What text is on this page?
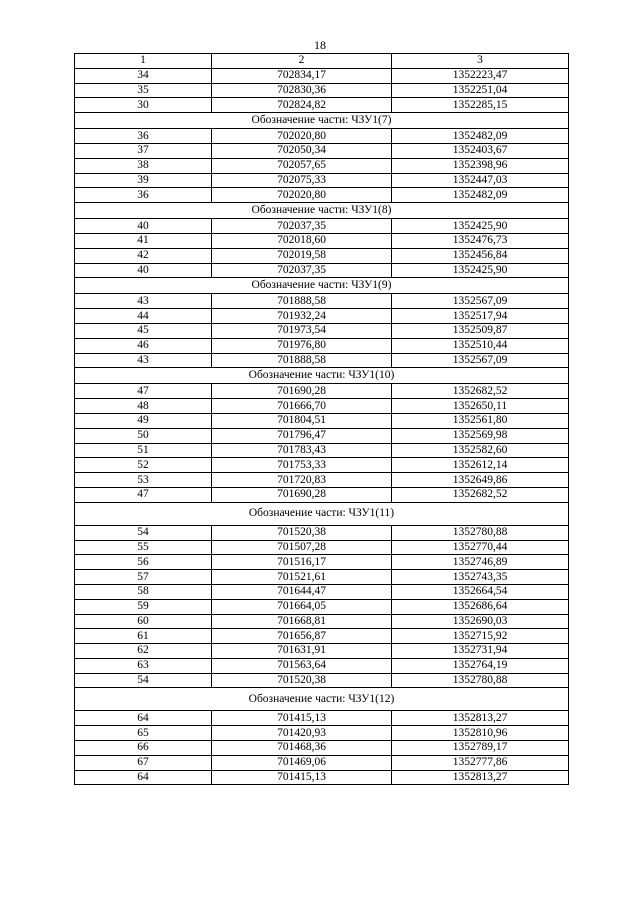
18
1	2	3
34	702834,17	1352223,47
35	702830,36	1352251,04
30	702824,82	1352285,15
Обозначение части: ЧЗУ1(7)		
36	702020,80	1352482,09
37	702050,34	1352403,67
38	702057,65	1352398,96
39	702075,33	1352447,03
36	702020,80	1352482,09
Обозначение части: ЧЗУ1(8)		
40	702037,35	1352425,90
41	702018,60	1352476,73
42	702019,58	1352456,84
40	702037,35	1352425,90
Обозначение части: ЧЗУ1(9)		
43	701888,58	1352567,09
44	701932,24	1352517,94
45	701973,54	1352509,87
46	701976,80	1352510,44
43	701888,58	1352567,09
Обозначение части: ЧЗУ1(10)		
47	701690,28	1352682,52
48	701666,70	1352650,11
49	701804,51	1352561,80
50	701796,47	1352569,98
51	701783,43	1352582,60
52	701753,33	1352612,14
53	701720,83	1352649,86
47	701690,28	1352682,52
Обозначение части: ЧЗУ1(11)		
54	701520,38	1352780,88
55	701507,28	1352770,44
56	701516,17	1352746,89
57	701521,61	1352743,35
58	701644,47	1352664,54
59	701664,05	1352686,64
60	701668,81	1352690,03
61	701656,87	1352715,92
62	701631,91	1352731,94
63	701563,64	1352764,19
54	701520,38	1352780,88
Обозначение части: ЧЗУ1(12)		
64	701415,13	1352813,27
65	701420,93	1352810,96
66	701468,36	1352789,17
67	701469,06	1352777,86
64	701415,13	1352813,27
